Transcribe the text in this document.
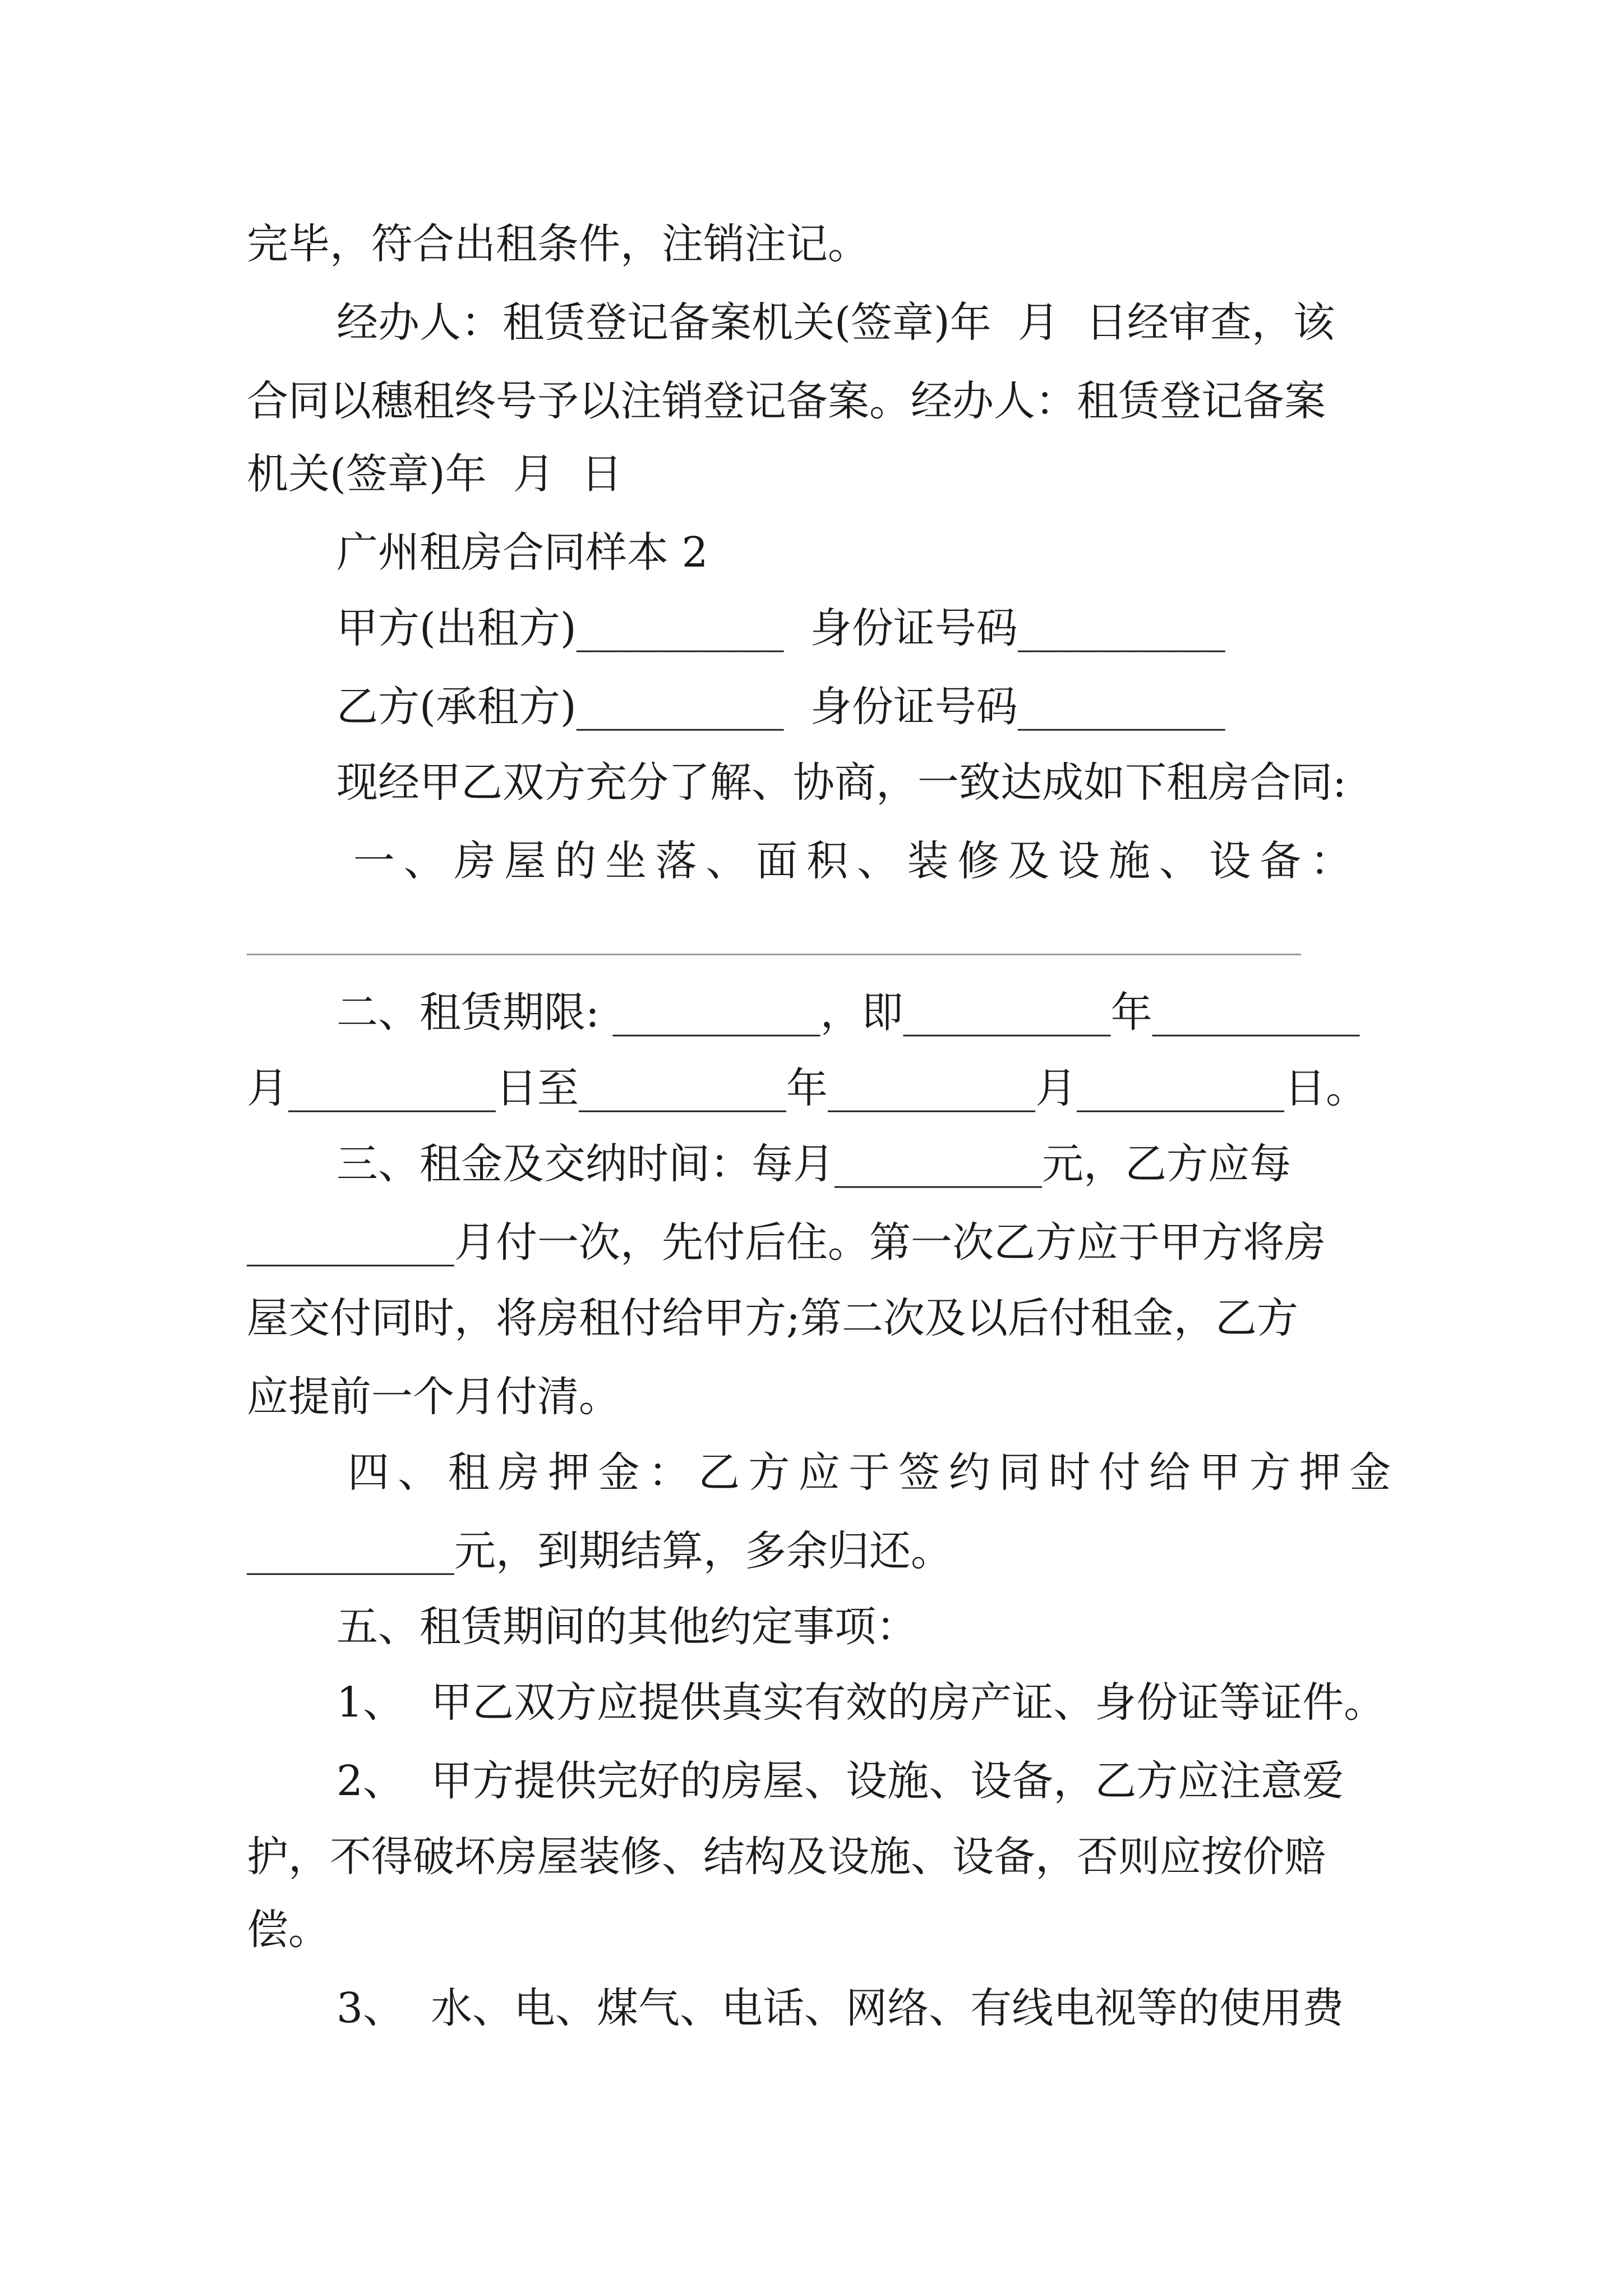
完毕，符合出租条件，注销注记。
经办人：租赁登记备案机关(签章)年  月  日经审查，该
合同以穗租终号予以注销登记备案。经办人：租赁登记备案
机关(签章)年  月  日
广州租房合同样本 2
甲方(出租方)__________  身份证号码__________
乙方(承租方)__________  身份证号码__________
现经甲乙双方充分了解、协商，一致达成如下租房合同:
一、房屋的坐落、面积、装修及设施、设备：
二、租赁期限: __________，即__________年__________
月__________日至__________年__________月__________日。
三、租金及交纳时间：每月__________元，乙方应每
__________月付一次，先付后住。第一次乙方应于甲方将房
屋交付同时，将房租付给甲方;第二次及以后付租金，乙方
应提前一个月付清。
四、租房押金：乙方应于签约同时付给甲方押金
__________元，到期结算，多余归还。
五、租赁期间的其他约定事项：
1、  甲乙双方应提供真实有效的房产证、身份证等证件。
2、  甲方提供完好的房屋、设施、设备，乙方应注意爱
护，不得破坏房屋装修、结构及设施、设备，否则应按价赔
偿。
3、  水、电、煤气、电话、网络、有线电视等的使用费
